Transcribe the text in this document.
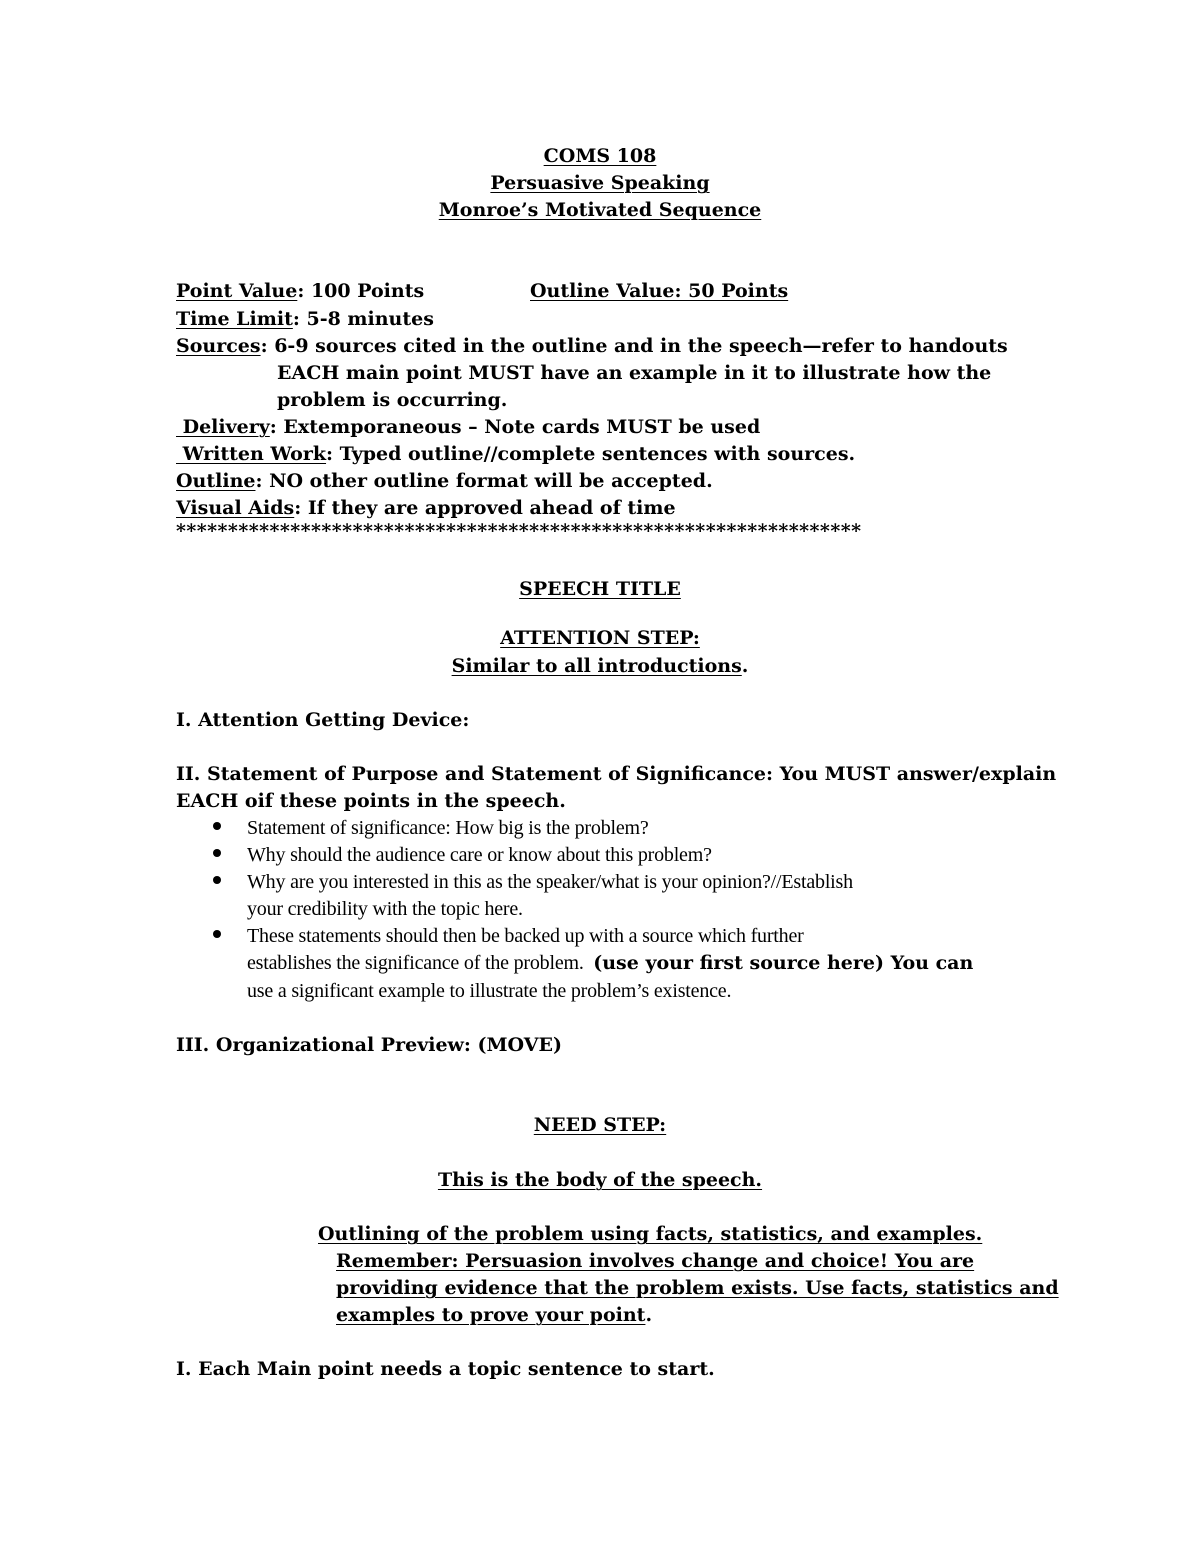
COMS 108
Persuasive Speaking
Monroe’s Motivated Sequence
Point Value: 100 Points	Outline Value: 50 Points
Time Limit: 5-8 minutes
Sources: 6-9 sources cited in the outline and in the speech—refer to handouts
EACH main point MUST have an example in it to illustrate how the
problem is occurring.
Delivery: Extemporaneous – Note cards MUST be used
Written Work: Typed outline//complete sentences with sources.
Outline: NO other outline format will be accepted.
Visual Aids: If they are approved ahead of time
******************************************************************
SPEECH TITLE
ATTENTION STEP:
Similar to all introductions.
I. Attention Getting Device:
II. Statement of Purpose and Statement of Significance: You MUST answer/explain
EACH oif these points in the speech.
Statement of significance: How big is the problem?
Why should the audience care or know about this problem?
Why are you interested in this as the speaker/what is your opinion?//Establish
your credibility with the topic here.
These statements should then be backed up with a source which further
establishes the significance of the problem.  (use your first source here) You can
use a significant example to illustrate the problem’s existence.
III. Organizational Preview: (MOVE)
NEED STEP:
This is the body of the speech.
Outlining of the problem using facts, statistics, and examples.
Remember: Persuasion involves change and choice! You are
providing evidence that the problem exists. Use facts, statistics and
examples to prove your point.
I. Each Main point needs a topic sentence to start.
